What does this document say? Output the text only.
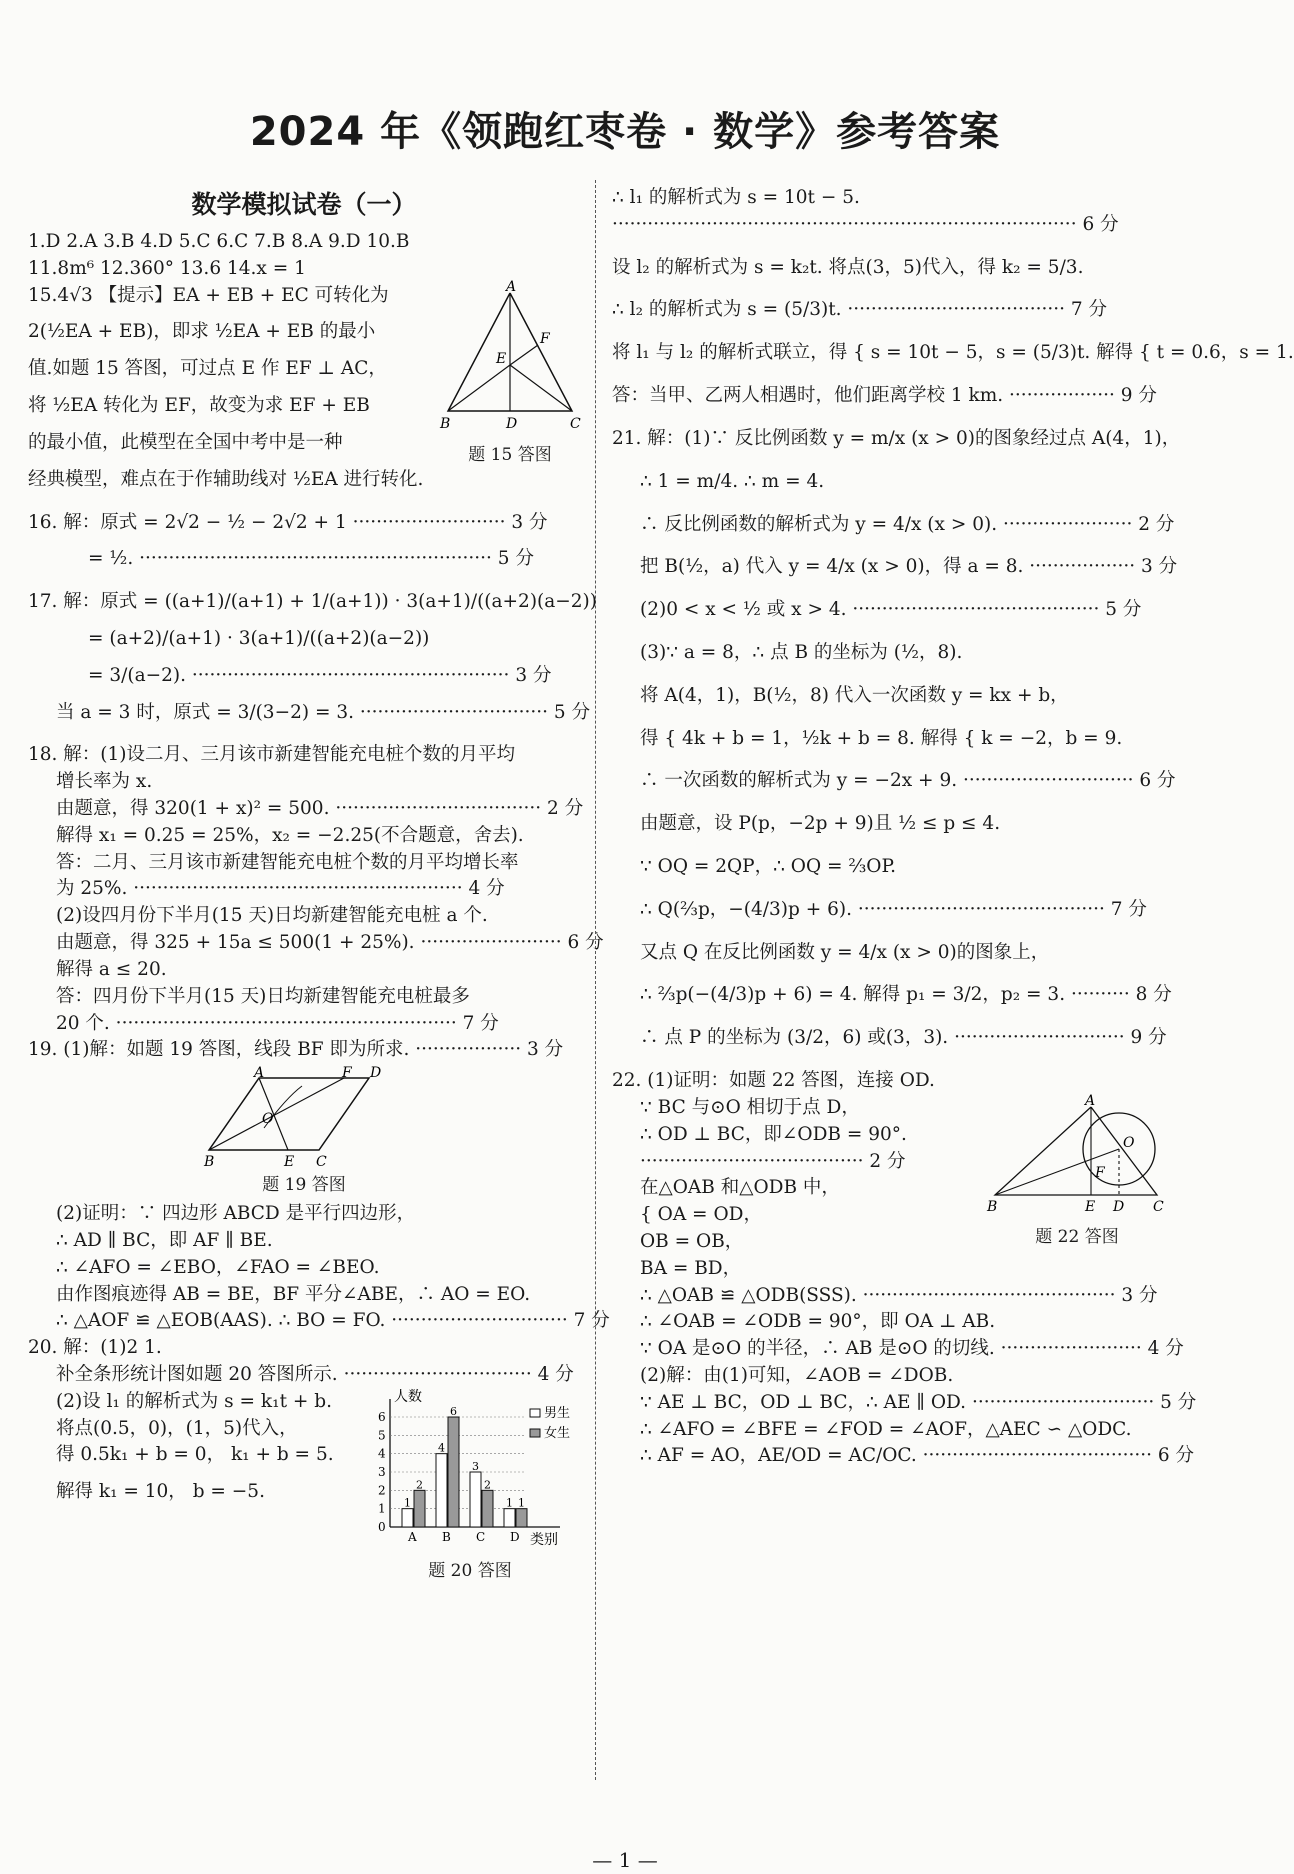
2024 年《领跑红枣卷 · 数学》参考答案
数学模拟试卷（一）

1.D 2.A 3.B 4.D 5.C 6.C 7.B 8.A 9.D 10.B

11.8m⁶ 12.360° 13.6 14.x = 1

A
B	C
D
E
F
题 15 答图

15.4√3 【提示】EA + EB + EC 可转化为

2(½EA + EB)，即求 ½EA + EB 的最小

值.如题 15 答图，可过点 E 作 EF ⊥ AC，

将 ½EA 转化为 EF，故变为求 EF + EB

的最小值，此模型在全国中考中是一种

经典模型，难点在于作辅助线对 ½EA 进行转化.

16. 解：原式 = 2√2 − ½ − 2√2 + 1 ·························· 3 分

= ½. ···························································· 5 分

17. 解：原式 = ((a+1)/(a+1) + 1/(a+1)) · 3(a+1)/((a+2)(a−2))

= (a+2)/(a+1) · 3(a+1)/((a+2)(a−2))

= 3/(a−2). ······················································ 3 分

当 a = 3 时，原式 = 3/(3−2) = 3. ································ 5 分

18. 解：(1)设二月、三月该市新建智能充电桩个数的月平均

增长率为 x.

由题意，得 320(1 + x)² = 500. ··································· 2 分

解得 x₁ = 0.25 = 25%，x₂ = −2.25(不合题意，舍去).

答：二月、三月该市新建智能充电桩个数的月平均增长率

为 25%. ························································ 4 分

(2)设四月份下半月(15 天)日均新建智能充电桩 a 个.

由题意，得 325 + 15a ≤ 500(1 + 25%). ························ 6 分

解得 a ≤ 20.

答：四月份下半月(15 天)日均新建智能充电桩最多

20 个. ·························································· 7 分

19. (1)解：如题 19 答图，线段 BF 即为所求. ·················· 3 分

A	F D
B	E C
O
题 19 答图

(2)证明：∵ 四边形 ABCD 是平行四边形，

∴ AD ∥ BC，即 AF ∥ BE.

∴ ∠AFO = ∠EBO，∠FAO = ∠BEO.

由作图痕迹得 AB = BE，BF 平分∠ABE，∴ AO = EO.

∴ △AOF ≌ △EOB(AAS). ∴ BO = FO. ······························ 7 分

20. 解：(1)2 1.

补全条形统计图如题 20 答图所示. ································ 4 分

人数
类别
男生
女生
0
1
2
3
4
5
6
1
2
A
4
6
B
3
2
C
1 1
D
题 20 答图

(2)设 l₁ 的解析式为 s = k₁t + b.

将点(0.5，0)，(1，5)代入，

得 0.5k₁ + b = 0， k₁ + b = 5.

解得 k₁ = 10， b = −5.

∴ l₁ 的解析式为 s = 10t − 5.

··············································································· 6 分

设 l₂ 的解析式为 s = k₂t. 将点(3，5)代入，得 k₂ = 5/3.

∴ l₂ 的解析式为 s = (5/3)t. ····································· 7 分

将 l₁ 与 l₂ 的解析式联立，得 { s = 10t − 5，s = (5/3)t. 解得 { t = 0.6，s = 1.

答：当甲、乙两人相遇时，他们距离学校 1 km. ·················· 9 分

21. 解：(1)∵ 反比例函数 y = m/x (x > 0)的图象经过点 A(4，1)，

∴ 1 = m/4. ∴ m = 4.

∴ 反比例函数的解析式为 y = 4/x (x > 0). ······················ 2 分

把 B(½，a) 代入 y = 4/x (x > 0)，得 a = 8. ·················· 3 分

(2)0 < x < ½ 或 x > 4. ·········································· 5 分

(3)∵ a = 8，∴ 点 B 的坐标为 (½，8).

将 A(4，1)，B(½，8) 代入一次函数 y = kx + b，

得 { 4k + b = 1，½k + b = 8. 解得 { k = −2，b = 9.

∴ 一次函数的解析式为 y = −2x + 9. ····························· 6 分

由题意，设 P(p，−2p + 9)且 ½ ≤ p ≤ 4.

∵ OQ = 2QP，∴ OQ = ⅔OP.

∴ Q(⅔p，−(4/3)p + 6). ·········································· 7 分

又点 Q 在反比例函数 y = 4/x (x > 0)的图象上，

∴ ⅔p(−(4/3)p + 6) = 4. 解得 p₁ = 3/2，p₂ = 3. ·········· 8 分

∴ 点 P 的坐标为 (3/2，6) 或(3，3). ····························· 9 分

22. (1)证明：如题 22 答图，连接 OD.

A
B	E D C
O
F
题 22 答图

∵ BC 与⊙O 相切于点 D，

∴ OD ⊥ BC，即∠ODB = 90°.

······································ 2 分

在△OAB 和△ODB 中，

{ OA = OD，

OB = OB，

BA = BD，

∴ △OAB ≌ △ODB(SSS). ··········································· 3 分

∴ ∠OAB = ∠ODB = 90°，即 OA ⊥ AB.

∵ OA 是⊙O 的半径，∴ AB 是⊙O 的切线. ························ 4 分

(2)解：由(1)可知，∠AOB = ∠DOB.

∵ AE ⊥ BC，OD ⊥ BC，∴ AE ∥ OD. ······························· 5 分

∴ ∠AFO = ∠BFE = ∠FOD = ∠AOF，△AEC ∽ △ODC.

∴ AF = AO，AE/OD = AC/OC. ······································· 6 分

— 1 —
